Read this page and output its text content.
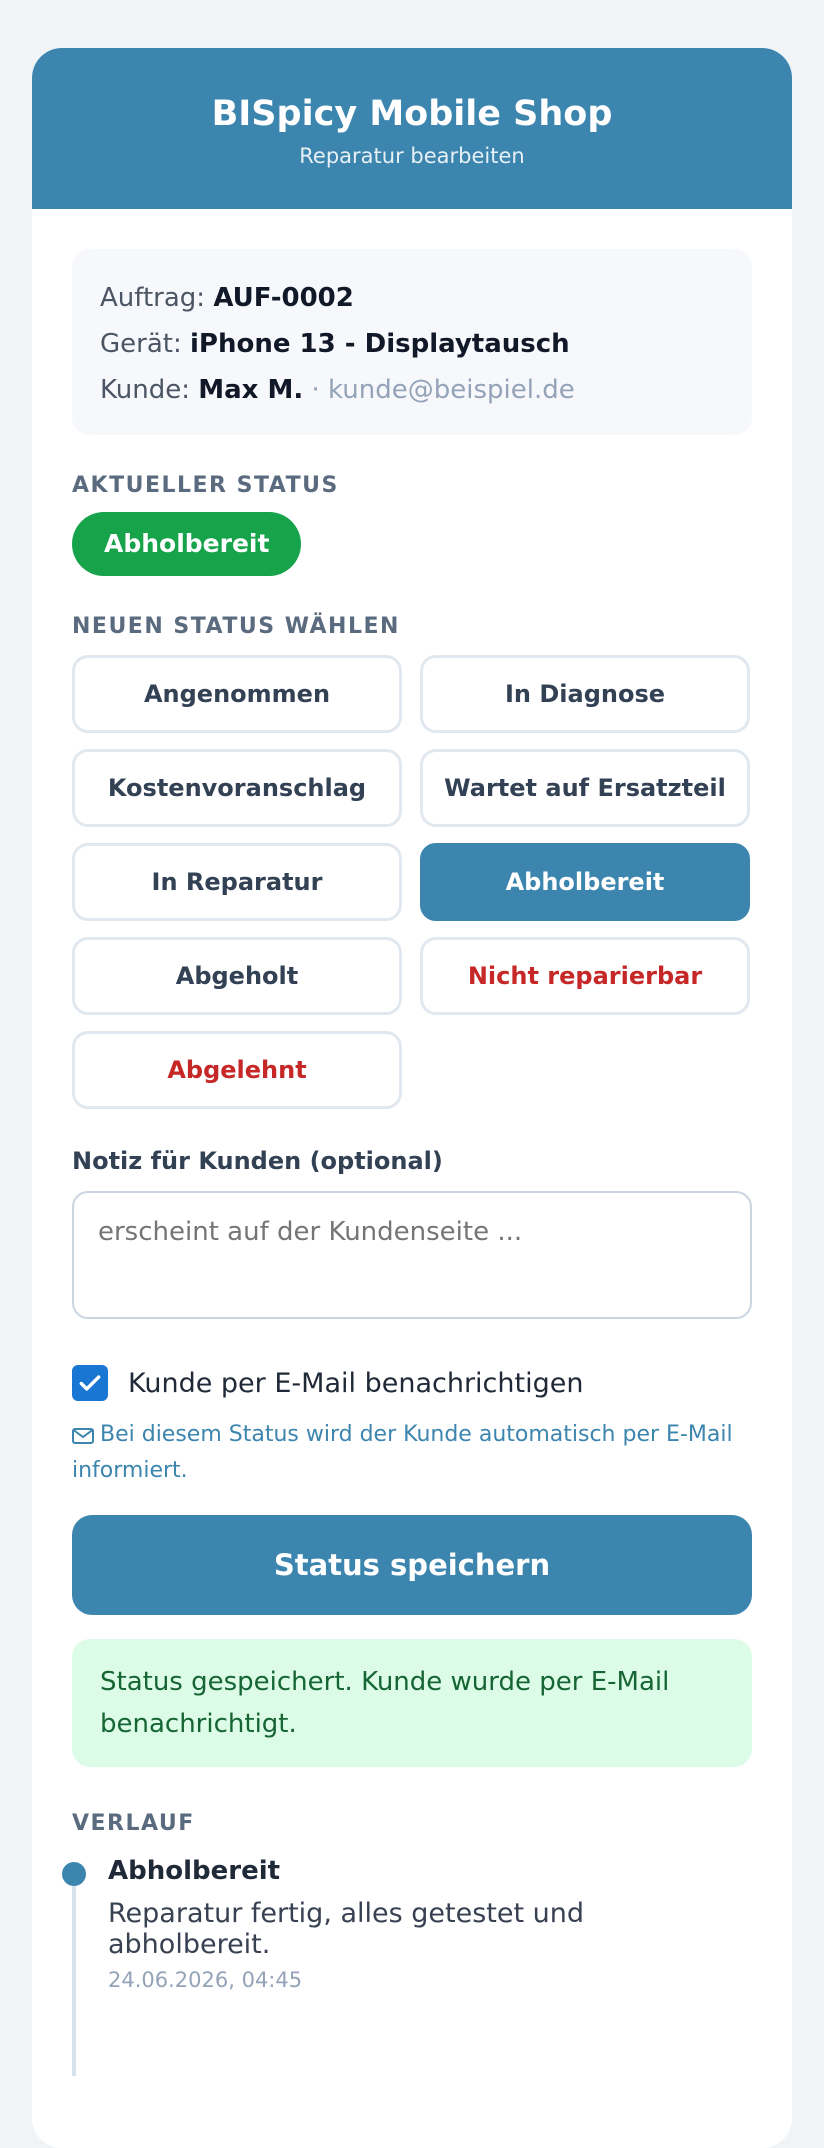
BISpicy Mobile Shop
Reparatur bearbeiten
Auftrag: AUF-0002
Gerät: iPhone 13 - Displaytausch
Kunde: Max M. · kunde@beispiel.de
AKTUELLER STATUS
Abholbereit
NEUEN STATUS WÄHLEN
Angenommen	In Diagnose
Kostenvoranschlag	Wartet auf Ersatzteil
In Reparatur	Abholbereit
Abgeholt	Nicht reparierbar
Abgelehnt
Notiz für Kunden (optional)
erscheint auf der Kundenseite ...
Kunde per E-Mail benachrichtigen
Bei diesem Status wird der Kunde automatisch per E-Mail informiert.
Status speichern
Status gespeichert. Kunde wurde per E-Mail benachrichtigt.
VERLAUF
Abholbereit
Reparatur fertig, alles getestet und abholbereit.
24.06.2026, 04:45
